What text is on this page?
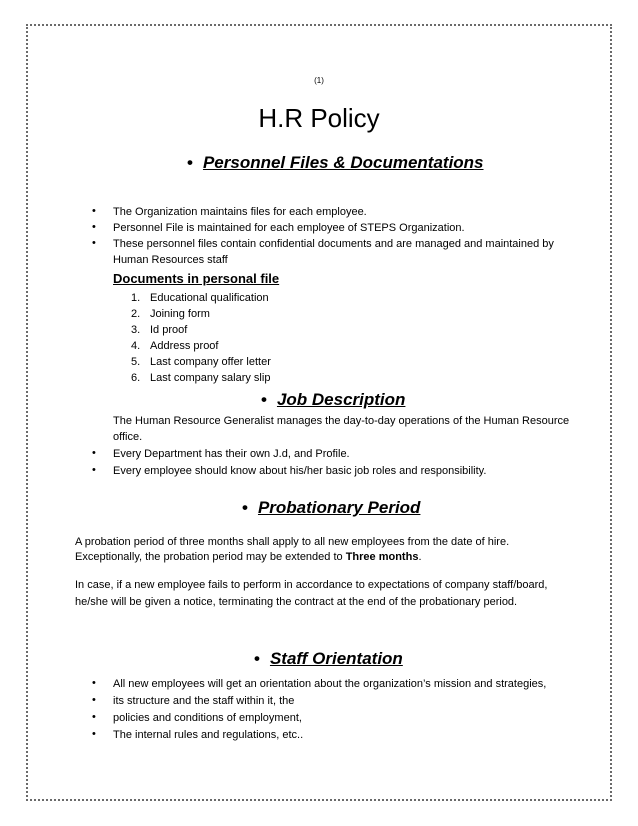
(1)
H.R Policy
• Personnel Files & Documentations
• The Organization maintains files for each employee.
• Personnel File is maintained for each employee of STEPS Organization.
• These personnel files contain confidential documents and are managed and maintained by
Human Resources staff
Documents in personal file
1. Educational qualification
2. Joining form
3. Id proof
4. Address proof
5. Last company offer letter
6. Last company salary slip
• Job Description
The Human Resource Generalist manages the day-to-day operations of the Human Resource
office.
• Every Department has their own J.d, and Profile.
• Every employee should know about his/her basic job roles and responsibility.
• Probationary Period
A probation period of three months shall apply to all new employees from the date of hire.
Exceptionally, the probation period may be extended to Three months.
In case, if a new employee fails to perform in accordance to expectations of company staff/board,
he/she will be given a notice, terminating the contract at the end of the probationary period.
• Staff Orientation
• All new employees will get an orientation about the organization’s mission and strategies,
• its structure and the staff within it, the
• policies and conditions of employment,
• The internal rules and regulations, etc..
